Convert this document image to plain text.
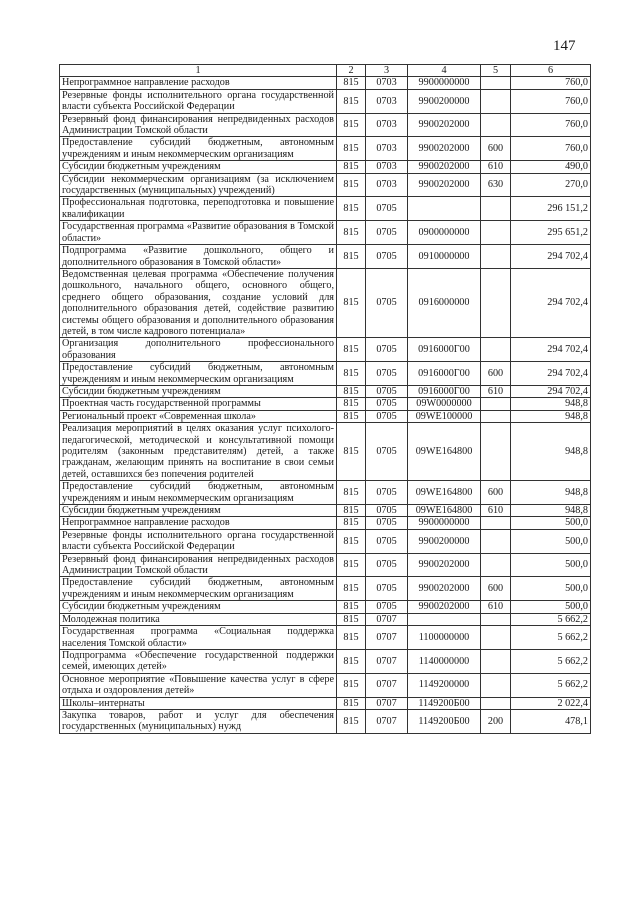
147
1	2	3	4	5	6
Непрограммное направление расходов	815	0703	9900000000		760,0
Резервные фонды исполнительного органа государственной власти субъекта Российской Федерации	815	0703	9900200000		760,0
Резервный фонд финансирования непредвиденных расходов Администрации Томской области	815	0703	9900202000		760,0
Предоставление субсидий бюджетным, автономным учреждениям и иным некоммерческим организациям	815	0703	9900202000	600	760,0
Субсидии бюджетным учреждениям	815	0703	9900202000	610	490,0
Субсидии некоммерческим организациям (за исключением государственных (муниципальных) учреждений)	815	0703	9900202000	630	270,0
Профессиональная подготовка, переподготовка и повышение квалификации	815	0705			296 151,2
Государственная программа «Развитие образования в Томской области»	815	0705	0900000000		295 651,2
Подпрограмма «Развитие дошкольного, общего и дополнительного образования в Томской области»	815	0705	0910000000		294 702,4
Ведомственная целевая программа «Обеспечение получения дошкольного, начального общего, основного общего, среднего общего образования, создание условий для дополнительного образования детей, содействие развитию системы общего образования и дополнительного образования детей, в том числе кадрового потенциала»	815	0705	0916000000		294 702,4
Организация дополнительного профессионального образования	815	0705	0916000Г00		294 702,4
Предоставление субсидий бюджетным, автономным учреждениям и иным некоммерческим организациям	815	0705	0916000Г00	600	294 702,4
Субсидии бюджетным учреждениям	815	0705	0916000Г00	610	294 702,4
Проектная часть государственной программы	815	0705	09W0000000		948,8
Региональный проект «Современная школа»	815	0705	09WE100000		948,8
Реализация мероприятий в целях оказания услуг психолого-педагогической, методической и консультативной помощи родителям (законным представителям) детей, а также гражданам, желающим принять на воспитание в свои семьи детей, оставшихся без попечения родителей	815	0705	09WE164800		948,8
Предоставление субсидий бюджетным, автономным учреждениям и иным некоммерческим организациям	815	0705	09WE164800	600	948,8
Субсидии бюджетным учреждениям	815	0705	09WE164800	610	948,8
Непрограммное направление расходов	815	0705	9900000000		500,0
Резервные фонды исполнительного органа государственной власти субъекта Российской Федерации	815	0705	9900200000		500,0
Резервный фонд финансирования непредвиденных расходов Администрации Томской области	815	0705	9900202000		500,0
Предоставление субсидий бюджетным, автономным учреждениям и иным некоммерческим организациям	815	0705	9900202000	600	500,0
Субсидии бюджетным учреждениям	815	0705	9900202000	610	500,0
Молодежная политика	815	0707			5 662,2
Государственная программа «Социальная поддержка населения Томской области»	815	0707	1100000000		5 662,2
Подпрограмма «Обеспечение государственной поддержки семей, имеющих детей»	815	0707	1140000000		5 662,2
Основное мероприятие «Повышение качества услуг в сфере отдыха и оздоровления детей»	815	0707	1149200000		5 662,2
Школы–интернаты	815	0707	1149200Б00		2 022,4
Закупка товаров, работ и услуг для обеспечения государственных (муниципальных) нужд	815	0707	1149200Б00	200	478,1
